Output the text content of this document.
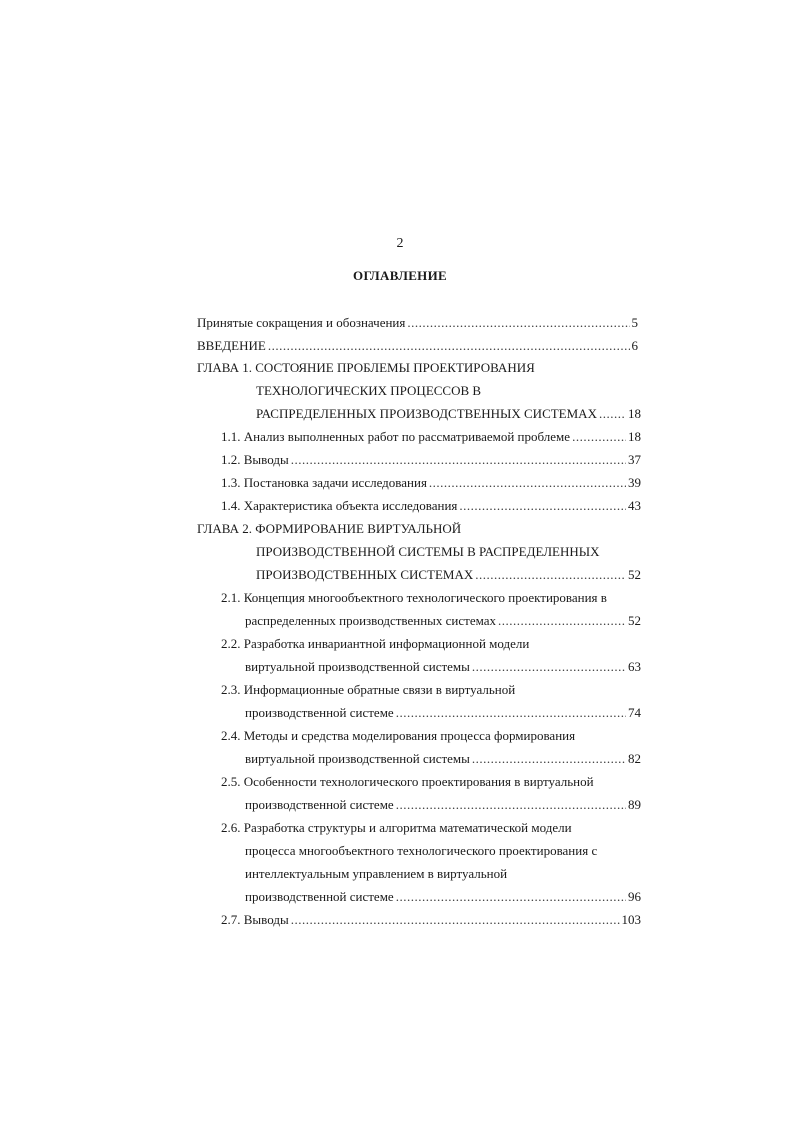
2
ОГЛАВЛЕНИЕ
Принятые сокращения и обозначения .....	5
ВВЕДЕНИЕ .....	6
ГЛАВА 1. СОСТОЯНИЕ ПРОБЛЕМЫ ПРОЕКТИРОВАНИЯ
ТЕХНОЛОГИЧЕСКИХ ПРОЦЕССОВ В
РАСПРЕДЕЛЕННЫХ ПРОИЗВОДСТВЕННЫХ СИСТЕМАХ ..... 18
1.1. Анализ выполненных работ по рассматриваемой проблеме .....	18
1.2. Выводы .....	37
1.3. Постановка задачи исследования .....	39
1.4. Характеристика объекта исследования .....	43
ГЛАВА 2. ФОРМИРОВАНИЕ ВИРТУАЛЬНОЙ
ПРОИЗВОДСТВЕННОЙ СИСТЕМЫ В РАСПРЕДЕЛЕННЫХ
ПРОИЗВОДСТВЕННЫХ СИСТЕМАХ .....	52
2.1. Концепция многообъектного технологического проектирования в
распределенных производственных системах .....	52
2.2. Разработка инвариантной информационной модели
виртуальной производственной системы .....	63
2.3. Информационные обратные связи в виртуальной
производственной системе .....	74
2.4. Методы и средства моделирования процесса формирования
виртуальной производственной системы .....	82
2.5. Особенности технологического проектирования в виртуальной
производственной системе .....	89
2.6. Разработка структуры и алгоритма математической модели
процесса многообъектного технологического проектирования с
интеллектуальным управлением в виртуальной
производственной системе .....	96
2.7. Выводы .....	103
